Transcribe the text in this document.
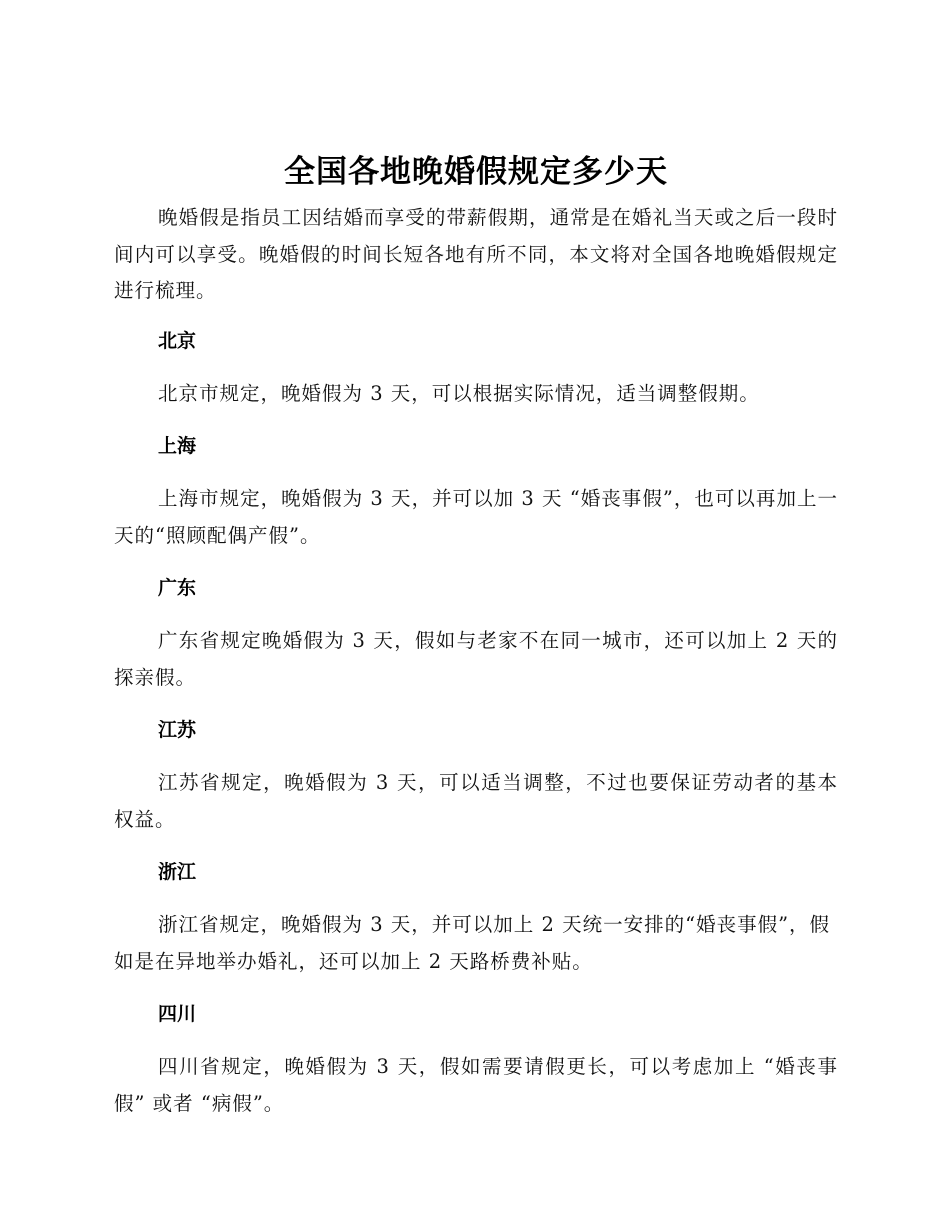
全国各地晚婚假规定多少天

晚婚假是指员工因结婚而享受的带薪假期，通常是在婚礼当天或之后一段时间内可以享受。晚婚假的时间长短各地有所不同，本文将对全国各地晚婚假规定进行梳理。

北京

北京市规定，晚婚假为 3 天，可以根据实际情况，适当调整假期。

上海

上海市规定，晚婚假为 3 天，并可以加 3 天 “婚丧事假”，也可以再加上一天的“照顾配偶产假”。

广东

广东省规定晚婚假为 3 天，假如与老家不在同一城市，还可以加上 2 天的探亲假。

江苏

江苏省规定，晚婚假为 3 天，可以适当调整，不过也要保证劳动者的基本权益。

浙江

浙江省规定，晚婚假为 3 天，并可以加上 2 天统一安排的“婚丧事假”，假如是在异地举办婚礼，还可以加上 2 天路桥费补贴。

四川

四川省规定，晚婚假为 3 天，假如需要请假更长，可以考虑加上 “婚丧事假” 或者 “病假”。
